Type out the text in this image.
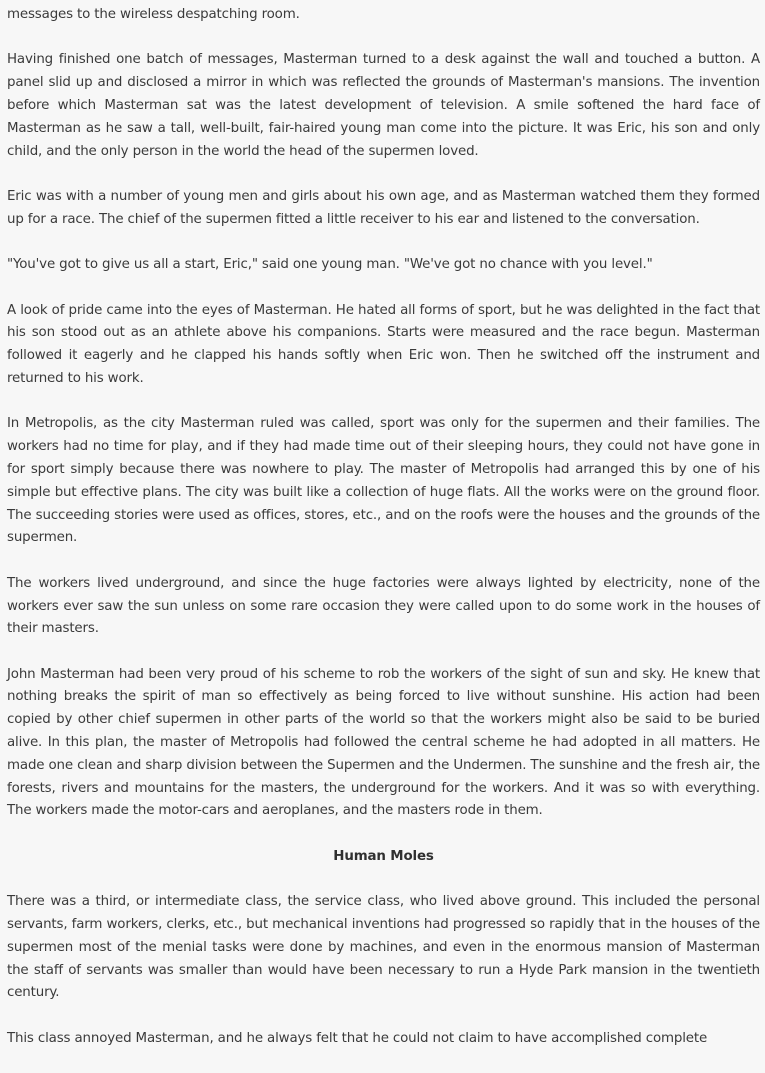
messages to the wireless despatching room.

Having finished one batch of messages, Masterman turned to a desk against the wall and touched a button. A panel slid up and disclosed a mirror in which was reflected the grounds of Masterman's mansions. The invention before which Masterman sat was the latest development of television. A smile softened the hard face of Masterman as he saw a tall, well-built, fair-haired young man come into the picture. It was Eric, his son and only child, and the only person in the world the head of the supermen loved.

Eric was with a number of young men and girls about his own age, and as Masterman watched them they formed up for a race. The chief of the supermen fitted a little receiver to his ear and listened to the conversation.

"You've got to give us all a start, Eric," said one young man. "We've got no chance with you level."

A look of pride came into the eyes of Masterman. He hated all forms of sport, but he was delighted in the fact that his son stood out as an athlete above his companions. Starts were measured and the race begun. Masterman followed it eagerly and he clapped his hands softly when Eric won. Then he switched off the instrument and returned to his work.

In Metropolis, as the city Masterman ruled was called, sport was only for the supermen and their families. The workers had no time for play, and if they had made time out of their sleeping hours, they could not have gone in for sport simply because there was nowhere to play. The master of Metropolis had arranged this by one of his simple but effective plans. The city was built like a collection of huge flats. All the works were on the ground floor. The succeeding stories were used as offices, stores, etc., and on the roofs were the houses and the grounds of the supermen.

The workers lived underground, and since the huge factories were always lighted by electricity, none of the workers ever saw the sun unless on some rare occasion they were called upon to do some work in the houses of their masters.

John Masterman had been very proud of his scheme to rob the workers of the sight of sun and sky. He knew that nothing breaks the spirit of man so effectively as being forced to live without sunshine. His action had been copied by other chief supermen in other parts of the world so that the workers might also be said to be buried alive. In this plan, the master of Metropolis had followed the central scheme he had adopted in all matters. He made one clean and sharp division between the Supermen and the Undermen. The sunshine and the fresh air, the forests, rivers and mountains for the masters, the underground for the workers. And it was so with everything. The workers made the motor-cars and aeroplanes, and the masters rode in them.

Human Moles

There was a third, or intermediate class, the service class, who lived above ground. This included the personal servants, farm workers, clerks, etc., but mechanical inventions had progressed so rapidly that in the houses of the supermen most of the menial tasks were done by machines, and even in the enormous mansion of Masterman the staff of servants was smaller than would have been necessary to run a Hyde Park mansion in the twentieth century.

This class annoyed Masterman, and he always felt that he could not claim to have accomplished complete
